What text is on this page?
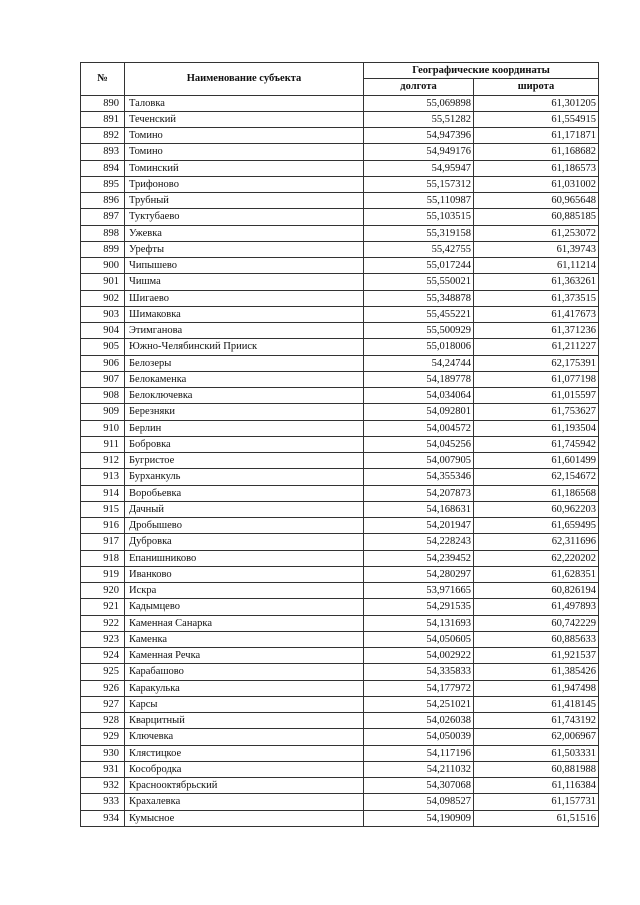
№	Наименование субъекта	Географические координаты	
		долгота	широта
890	Таловка	55,069898	61,301205
891	Теченский	55,51282	61,554915
892	Томино	54,947396	61,171871
893	Томино	54,949176	61,168682
894	Томинский	54,95947	61,186573
895	Трифоново	55,157312	61,031002
896	Трубный	55,110987	60,965648
897	Туктубаево	55,103515	60,885185
898	Ужевка	55,319158	61,253072
899	Урефты	55,42755	61,39743
900	Чипышево	55,017244	61,11214
901	Чишма	55,550021	61,363261
902	Шигаево	55,348878	61,373515
903	Шимаковка	55,455221	61,417673
904	Этимганова	55,500929	61,371236
905	Южно-Челябинский Прииск	55,018006	61,211227
906	Белозеры	54,24744	62,175391
907	Белокаменка	54,189778	61,077198
908	Белоключевка	54,034064	61,015597
909	Березняки	54,092801	61,753627
910	Берлин	54,004572	61,193504
911	Бобровка	54,045256	61,745942
912	Бугристое	54,007905	61,601499
913	Бурханкуль	54,355346	62,154672
914	Воробьевка	54,207873	61,186568
915	Дачный	54,168631	60,962203
916	Дробышево	54,201947	61,659495
917	Дубровка	54,228243	62,311696
918	Епанишниково	54,239452	62,220202
919	Иванково	54,280297	61,628351
920	Искра	53,971665	60,826194
921	Кадымцево	54,291535	61,497893
922	Каменная Санарка	54,131693	60,742229
923	Каменка	54,050605	60,885633
924	Каменная Речка	54,002922	61,921537
925	Карабашово	54,335833	61,385426
926	Каракулька	54,177972	61,947498
927	Карсы	54,251021	61,418145
928	Кварцитный	54,026038	61,743192
929	Ключевка	54,050039	62,006967
930	Клястицкое	54,117196	61,503331
931	Кособродка	54,211032	60,881988
932	Краснооктябрьский	54,307068	61,116384
933	Крахалевка	54,098527	61,157731
934	Кумысное	54,190909	61,51516
